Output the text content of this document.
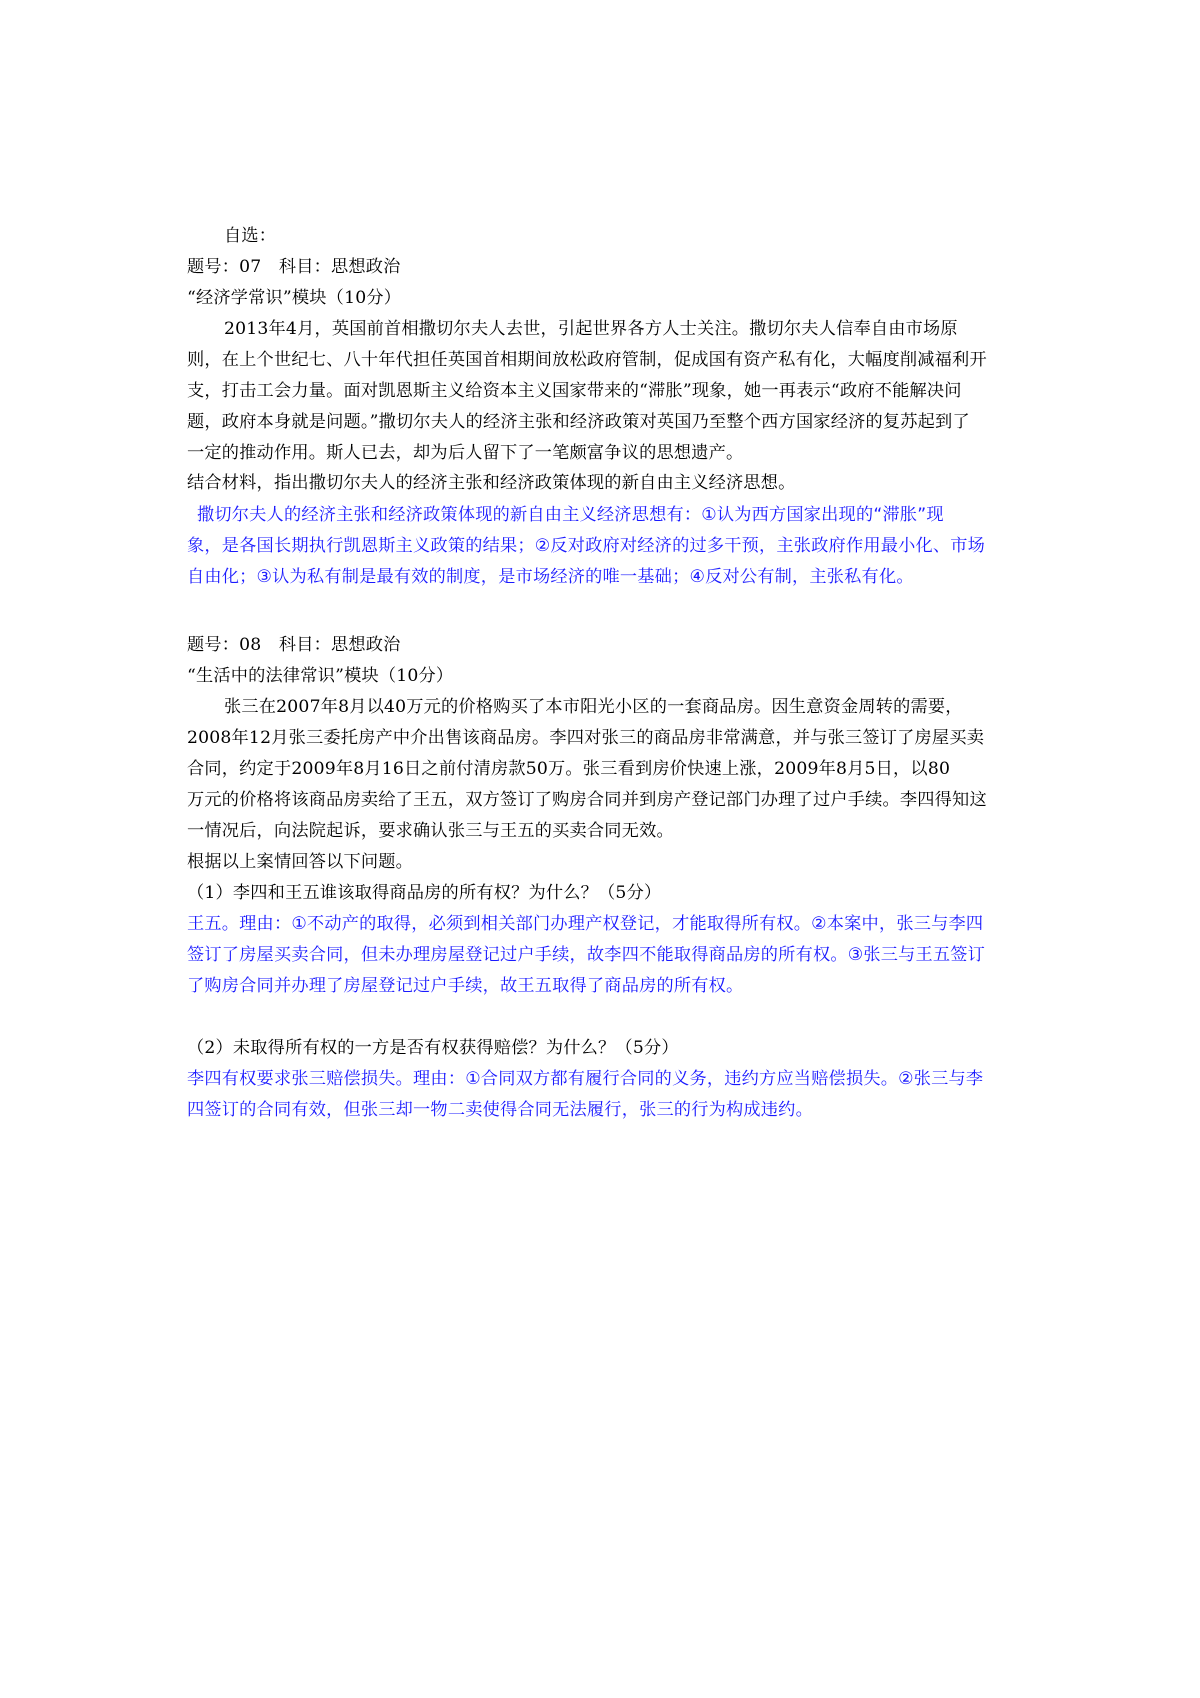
自选：
题号：07　科目：思想政治
“经济学常识”模块（10分）
2013年4月，英国前首相撒切尔夫人去世，引起世界各方人士关注。撒切尔夫人信奉自由市场原
则，在上个世纪七、八十年代担任英国首相期间放松政府管制，促成国有资产私有化，大幅度削减福利开
支，打击工会力量。面对凯恩斯主义给资本主义国家带来的“滞胀”现象，她一再表示“政府不能解决问
题，政府本身就是问题。”撒切尔夫人的经济主张和经济政策对英国乃至整个西方国家经济的复苏起到了
一定的推动作用。斯人已去，却为后人留下了一笔颇富争议的思想遗产。
结合材料，指出撒切尔夫人的经济主张和经济政策体现的新自由主义经济思想。
撒切尔夫人的经济主张和经济政策体现的新自由主义经济思想有：①认为西方国家出现的“滞胀”现
象，是各国长期执行凯恩斯主义政策的结果；②反对政府对经济的过多干预，主张政府作用最小化、市场
自由化；③认为私有制是最有效的制度，是市场经济的唯一基础；④反对公有制，主张私有化。
题号：08　科目：思想政治
“生活中的法律常识”模块（10分）
张三在2007年8月以40万元的价格购买了本市阳光小区的一套商品房。因生意资金周转的需要，
2008年12月张三委托房产中介出售该商品房。李四对张三的商品房非常满意，并与张三签订了房屋买卖
合同，约定于2009年8月16日之前付清房款50万。张三看到房价快速上涨，2009年8月5日，以80
万元的价格将该商品房卖给了王五，双方签订了购房合同并到房产登记部门办理了过户手续。李四得知这
一情况后，向法院起诉，要求确认张三与王五的买卖合同无效。
根据以上案情回答以下问题。
（1）李四和王五谁该取得商品房的所有权？为什么？（5分）
王五。理由：①不动产的取得，必须到相关部门办理产权登记，才能取得所有权。②本案中，张三与李四
签订了房屋买卖合同，但未办理房屋登记过户手续，故李四不能取得商品房的所有权。③张三与王五签订
了购房合同并办理了房屋登记过户手续，故王五取得了商品房的所有权。
（2）未取得所有权的一方是否有权获得赔偿？为什么？（5分）
李四有权要求张三赔偿损失。理由：①合同双方都有履行合同的义务，违约方应当赔偿损失。②张三与李
四签订的合同有效，但张三却一物二卖使得合同无法履行，张三的行为构成违约。
